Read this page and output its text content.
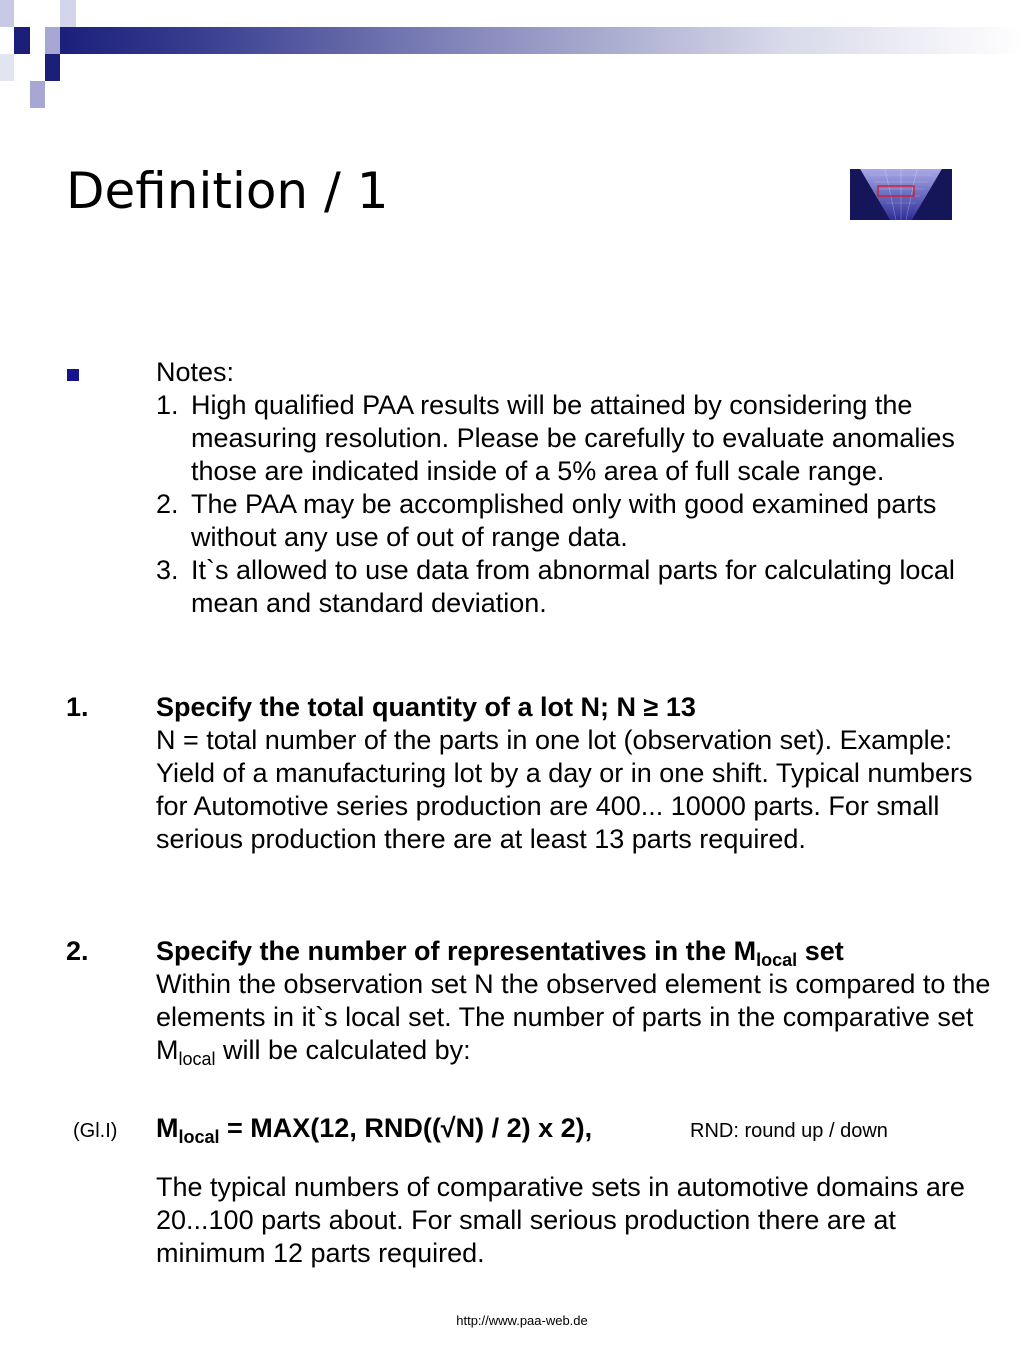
Definition / 1
Notes:
1. High qualified PAA results will be attained by considering the measuring resolution. Please be carefully to evaluate anomalies those are indicated inside of a 5% area of full scale range.
2. The PAA may be accomplished only with good examined parts without any use of out of range data.
3. It`s allowed to use data from abnormal parts for calculating local mean and standard deviation.
1. Specify the total quantity of a lot N; N ≥ 13
N = total number of the parts in one lot (observation set). Example: Yield of a manufacturing lot by a day or in one shift. Typical numbers for Automotive series production are 400... 10000 parts. For small serious production there are at least 13 parts required.
2. Specify the number of representatives in the $M_{local}$ set
Within the observation set N the observed element is compared to the elements in it`s local set. The number of parts in the comparative set $M_{local}$ will be calculated by:
(Gl.I) $M_{local} = MAX(12$, RND((√N) / 2) x 2),	RND: round up / down
The typical numbers of comparative sets in automotive domains are 20...100 parts about. For small serious production there are at minimum 12 parts required.
http://www.paa-web.de
